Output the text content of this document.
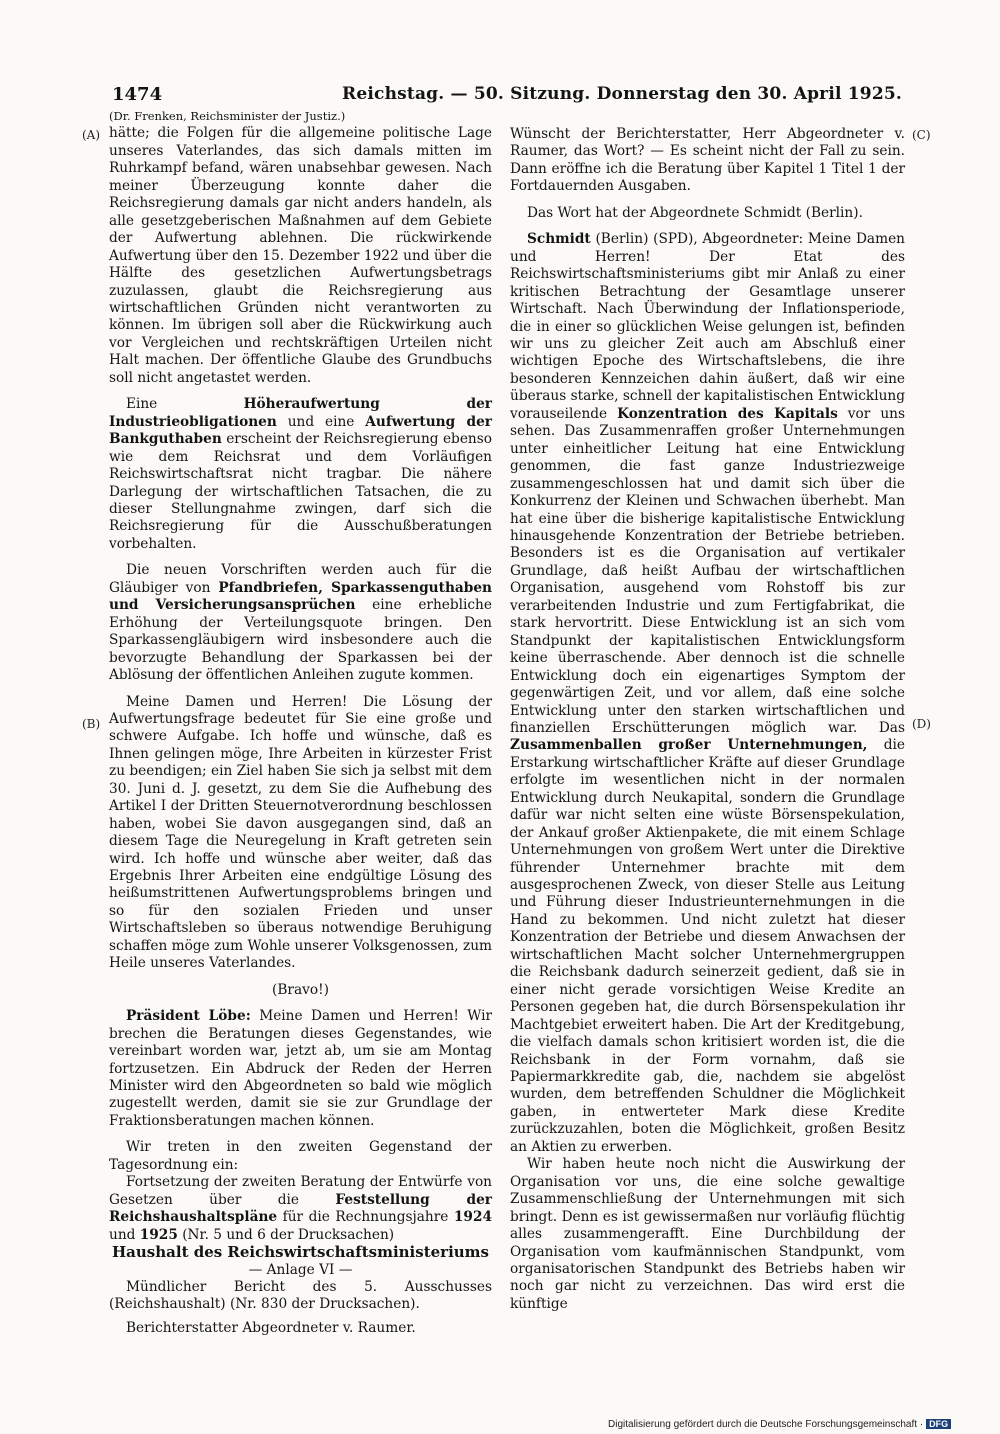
1474	Reichstag. — 50. Sitzung. Donnerstag den 30. April 1925.
(A)
(B)
(C)
(D)

(Dr. Frenken, Reichsminister der Justiz.)

hätte; die Folgen für die allgemeine politische Lage unseres Vaterlandes, das sich damals mitten im Ruhrkampf befand, wären unabsehbar gewesen. Nach meiner Überzeugung konnte daher die Reichsregierung damals gar nicht anders handeln, als alle gesetzgeberischen Maßnahmen auf dem Gebiete der Aufwertung ablehnen. Die rückwirkende Aufwertung über den 15. Dezember 1922 und über die Hälfte des gesetzlichen Aufwertungsbetrags zuzulassen, glaubt die Reichsregierung aus wirtschaftlichen Gründen nicht verantworten zu können. Im übrigen soll aber die Rückwirkung auch vor Vergleichen und rechtskräftigen Urteilen nicht Halt machen. Der öffentliche Glaube des Grundbuchs soll nicht angetastet werden.

Eine Höheraufwertung der Industrieobligationen und eine Aufwertung der Bankguthaben erscheint der Reichsregierung ebenso wie dem Reichsrat und dem Vorläufigen Reichswirtschaftsrat nicht tragbar. Die nähere Darlegung der wirtschaftlichen Tatsachen, die zu dieser Stellungnahme zwingen, darf sich die Reichsregierung für die Ausschußberatungen vorbehalten.

Die neuen Vorschriften werden auch für die Gläubiger von Pfandbriefen, Sparkassenguthaben und Versicherungsansprüchen eine erhebliche Erhöhung der Verteilungsquote bringen. Den Sparkassengläubigern wird insbesondere auch die bevorzugte Behandlung der Sparkassen bei der Ablösung der öffentlichen Anleihen zugute kommen.

Meine Damen und Herren! Die Lösung der Aufwertungsfrage bedeutet für Sie eine große und schwere Aufgabe. Ich hoffe und wünsche, daß es Ihnen gelingen möge, Ihre Arbeiten in kürzester Frist zu beendigen; ein Ziel haben Sie sich ja selbst mit dem 30. Juni d. J. gesetzt, zu dem Sie die Aufhebung des Artikel I der Dritten Steuernotverordnung beschlossen haben, wobei Sie davon ausgegangen sind, daß an diesem Tage die Neuregelung in Kraft getreten sein wird. Ich hoffe und wünsche aber weiter, daß das Ergebnis Ihrer Arbeiten eine endgültige Lösung des heißumstrittenen Aufwertungsproblems bringen und so für den sozialen Frieden und unser Wirtschaftsleben so überaus notwendige Beruhigung schaffen möge zum Wohle unserer Volksgenossen, zum Heile unseres Vaterlandes.

(Bravo!)

Präsident Löbe: Meine Damen und Herren! Wir brechen die Beratungen dieses Gegenstandes, wie vereinbart worden war, jetzt ab, um sie am Montag fortzusetzen. Ein Abdruck der Reden der Herren Minister wird den Abgeordneten so bald wie möglich zugestellt werden, damit sie sie zur Grundlage der Fraktionsberatungen machen können.

Wir treten in den zweiten Gegenstand der Tagesordnung ein:

Fortsetzung der zweiten Beratung der Entwürfe von Gesetzen über die Feststellung der Reichshaushaltspläne für die Rechnungsjahre 1924 und 1925 (Nr. 5 und 6 der Drucksachen)

Haushalt des Reichswirtschaftsministeriums

— Anlage VI —

Mündlicher Bericht des 5. Ausschusses (Reichshaushalt) (Nr. 830 der Drucksachen).

Berichterstatter Abgeordneter v. Raumer.

Wünscht der Berichterstatter, Herr Abgeordneter v. Raumer, das Wort? — Es scheint nicht der Fall zu sein. Dann eröffne ich die Beratung über Kapitel 1 Titel 1 der Fortdauernden Ausgaben.

Das Wort hat der Abgeordnete Schmidt (Berlin).

Schmidt (Berlin) (SPD), Abgeordneter: Meine Damen und Herren! Der Etat des Reichswirtschaftsministeriums gibt mir Anlaß zu einer kritischen Betrachtung der Gesamtlage unserer Wirtschaft. Nach Überwindung der Inflationsperiode, die in einer so glücklichen Weise gelungen ist, befinden wir uns zu gleicher Zeit auch am Abschluß einer wichtigen Epoche des Wirtschaftslebens, die ihre besonderen Kennzeichen dahin äußert, daß wir eine überaus starke, schnell der kapitalistischen Entwicklung vorauseilende Konzentration des Kapitals vor uns sehen. Das Zusammenraffen großer Unternehmungen unter einheitlicher Leitung hat eine Entwicklung genommen, die fast ganze Industriezweige zusammengeschlossen hat und damit sich über die Konkurrenz der Kleinen und Schwachen überhebt. Man hat eine über die bisherige kapitalistische Entwicklung hinausgehende Konzentration der Betriebe betrieben. Besonders ist es die Organisation auf vertikaler Grundlage, daß heißt Aufbau der wirtschaftlichen Organisation, ausgehend vom Rohstoff bis zur verarbeitenden Industrie und zum Fertigfabrikat, die stark hervortritt. Diese Entwicklung ist an sich vom Standpunkt der kapitalistischen Entwicklungsform keine überraschende. Aber dennoch ist die schnelle Entwicklung doch ein eigenartiges Symptom der gegenwärtigen Zeit, und vor allem, daß eine solche Entwicklung unter den starken wirtschaftlichen und finanziellen Erschütterungen möglich war. Das Zusammenballen großer Unternehmungen, die Erstarkung wirtschaftlicher Kräfte auf dieser Grundlage erfolgte im wesentlichen nicht in der normalen Entwicklung durch Neukapital, sondern die Grundlage dafür war nicht selten eine wüste Börsenspekulation, der Ankauf großer Aktienpakete, die mit einem Schlage Unternehmungen von großem Wert unter die Direktive führender Unternehmer brachte mit dem ausgesprochenen Zweck, von dieser Stelle aus Leitung und Führung dieser Industrieunternehmungen in die Hand zu bekommen. Und nicht zuletzt hat dieser Konzentration der Betriebe und diesem Anwachsen der wirtschaftlichen Macht solcher Unternehmergruppen die Reichsbank dadurch seinerzeit gedient, daß sie in einer nicht gerade vorsichtigen Weise Kredite an Personen gegeben hat, die durch Börsenspekulation ihr Machtgebiet erweitert haben. Die Art der Kreditgebung, die vielfach damals schon kritisiert worden ist, die die Reichsbank in der Form vornahm, daß sie Papiermarkkredite gab, die, nachdem sie abgelöst wurden, dem betreffenden Schuldner die Möglichkeit gaben, in entwerteter Mark diese Kredite zurückzuzahlen, boten die Möglichkeit, großen Besitz an Aktien zu erwerben.

Wir haben heute noch nicht die Auswirkung der Organisation vor uns, die eine solche gewaltige Zusammenschließung der Unternehmungen mit sich bringt. Denn es ist gewissermaßen nur vorläufig flüchtig alles zusammengerafft. Eine Durchbildung der Organisation vom kaufmännischen Standpunkt, vom organisatorischen Standpunkt des Betriebs haben wir noch gar nicht zu verzeichnen. Das wird erst die künftige

Digitalisierung gefördert durch die Deutsche Forschungsgemeinschaft · DFG
